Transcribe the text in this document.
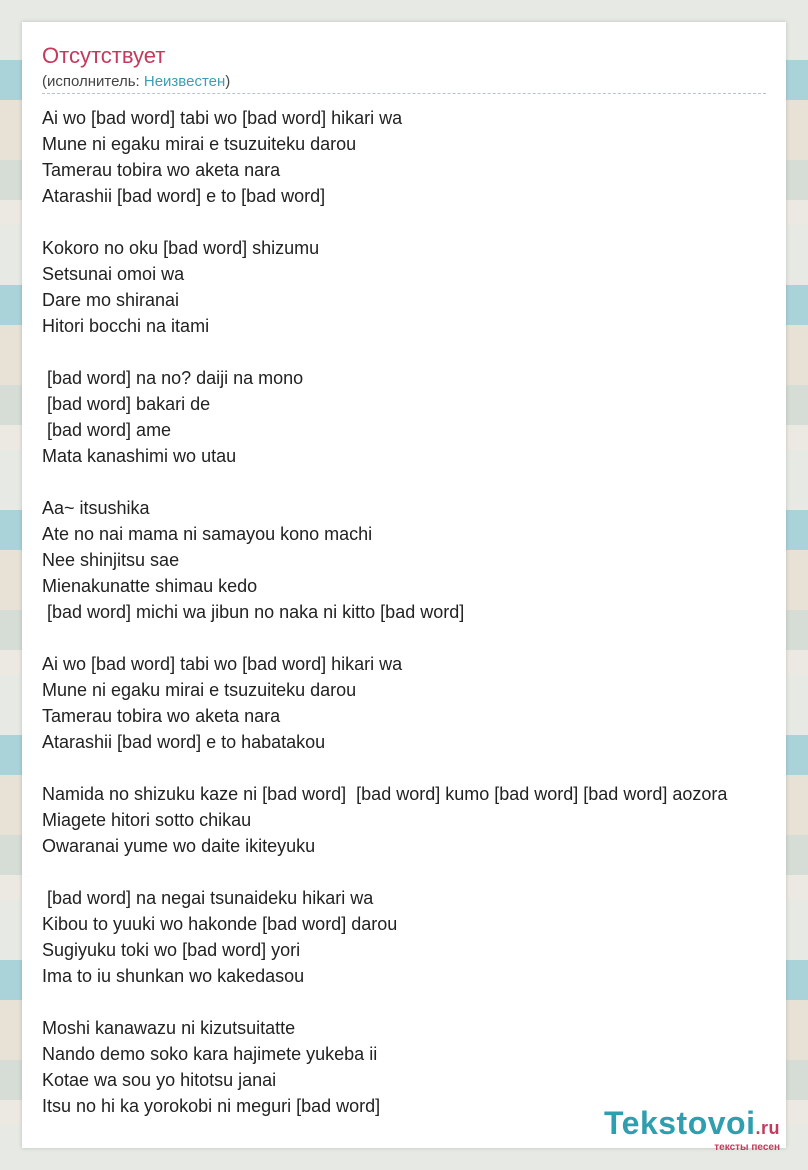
Отсутствует
(исполнитель: Неизвестен)
Ai wo [bad word] tabi wo [bad word] hikari wa
Mune ni egaku mirai e tsuzuiteku darou
Tamerau tobira wo aketa nara
Atarashii [bad word] e to [bad word]

Kokoro no oku [bad word] shizumu
Setsunai omoi wa
Dare mo shiranai
Hitori bocchi na itami

[bad word] na no? daiji na mono
[bad word] bakari de
[bad word] ame
Mata kanashimi wo utau

Aa~ itsushika
Ate no nai mama ni samayou kono machi
Nee shinjitsu sae
Mienakunatte shimau kedo
[bad word] michi wa jibun no naka ni kitto [bad word]

Ai wo [bad word] tabi wo [bad word] hikari wa
Mune ni egaku mirai e tsuzuiteku darou
Tamerau tobira wo aketa nara
Atarashii [bad word] e to habatakou

Namida no shizuku kaze ni [bad word]  [bad word] kumo [bad word] [bad word] aozora
Miagete hitori sotto chikau
Owaranai yume wo daite ikiteyuku

[bad word] na negai tsunaideku hikari wa
Kibou to yuuki wo hakonde [bad word] darou
Sugiyuku toki wo [bad word] yori
Ima to iu shunkan wo kakedasou

Moshi kanawazu ni kizutsuitatte
Nando demo soko kara hajimete yukeba ii
Kotae wa sou yo hitotsu janai
Itsu no hi ka yorokobi ni meguri [bad word]	Tekstovoi.ru
тексты песен
